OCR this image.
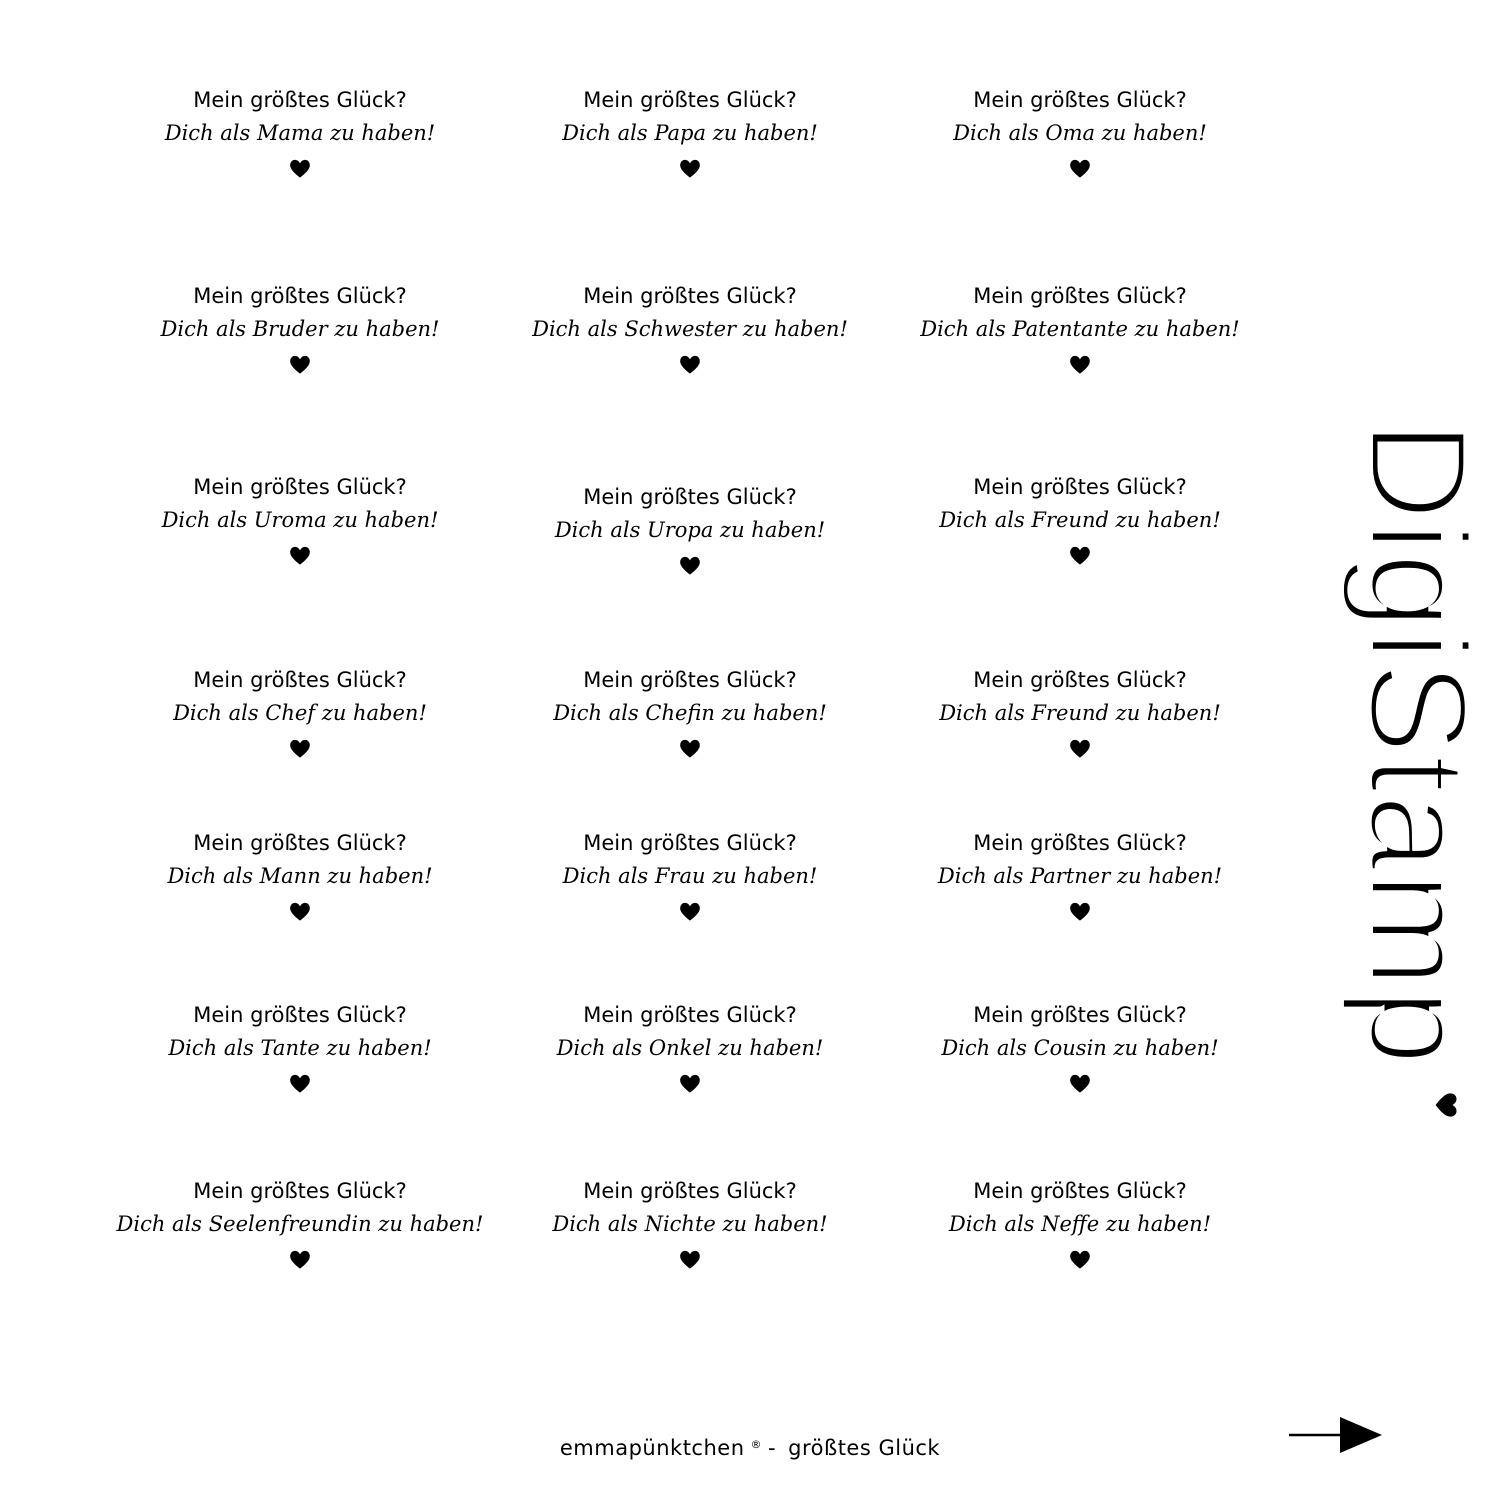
Mein größtes Glück?
Dich als Mama zu haben!
Mein größtes Glück?
Dich als Papa zu haben!
Mein größtes Glück?
Dich als Oma zu haben!
Mein größtes Glück?
Dich als Bruder zu haben!
Mein größtes Glück?
Dich als Schwester zu haben!
Mein größtes Glück?
Dich als Patentante zu haben!
Mein größtes Glück?
Dich als Uroma zu haben!
Mein größtes Glück?
Dich als Uropa zu haben!
Mein größtes Glück?
Dich als Freund zu haben!
Mein größtes Glück?
Dich als Chef zu haben!
Mein größtes Glück?
Dich als Chefin zu haben!
Mein größtes Glück?
Dich als Freund zu haben!
Mein größtes Glück?
Dich als Mann zu haben!
Mein größtes Glück?
Dich als Frau zu haben!
Mein größtes Glück?
Dich als Partner zu haben!
Mein größtes Glück?
Dich als Tante zu haben!
Mein größtes Glück?
Dich als Onkel zu haben!
Mein größtes Glück?
Dich als Cousin zu haben!
Mein größtes Glück?
Dich als Seelenfreundin zu haben!
Mein größtes Glück?
Dich als Nichte zu haben!
Mein größtes Glück?
Dich als Neffe zu haben!
DigiStamp
emmapünktchen ® - größtes Glück
